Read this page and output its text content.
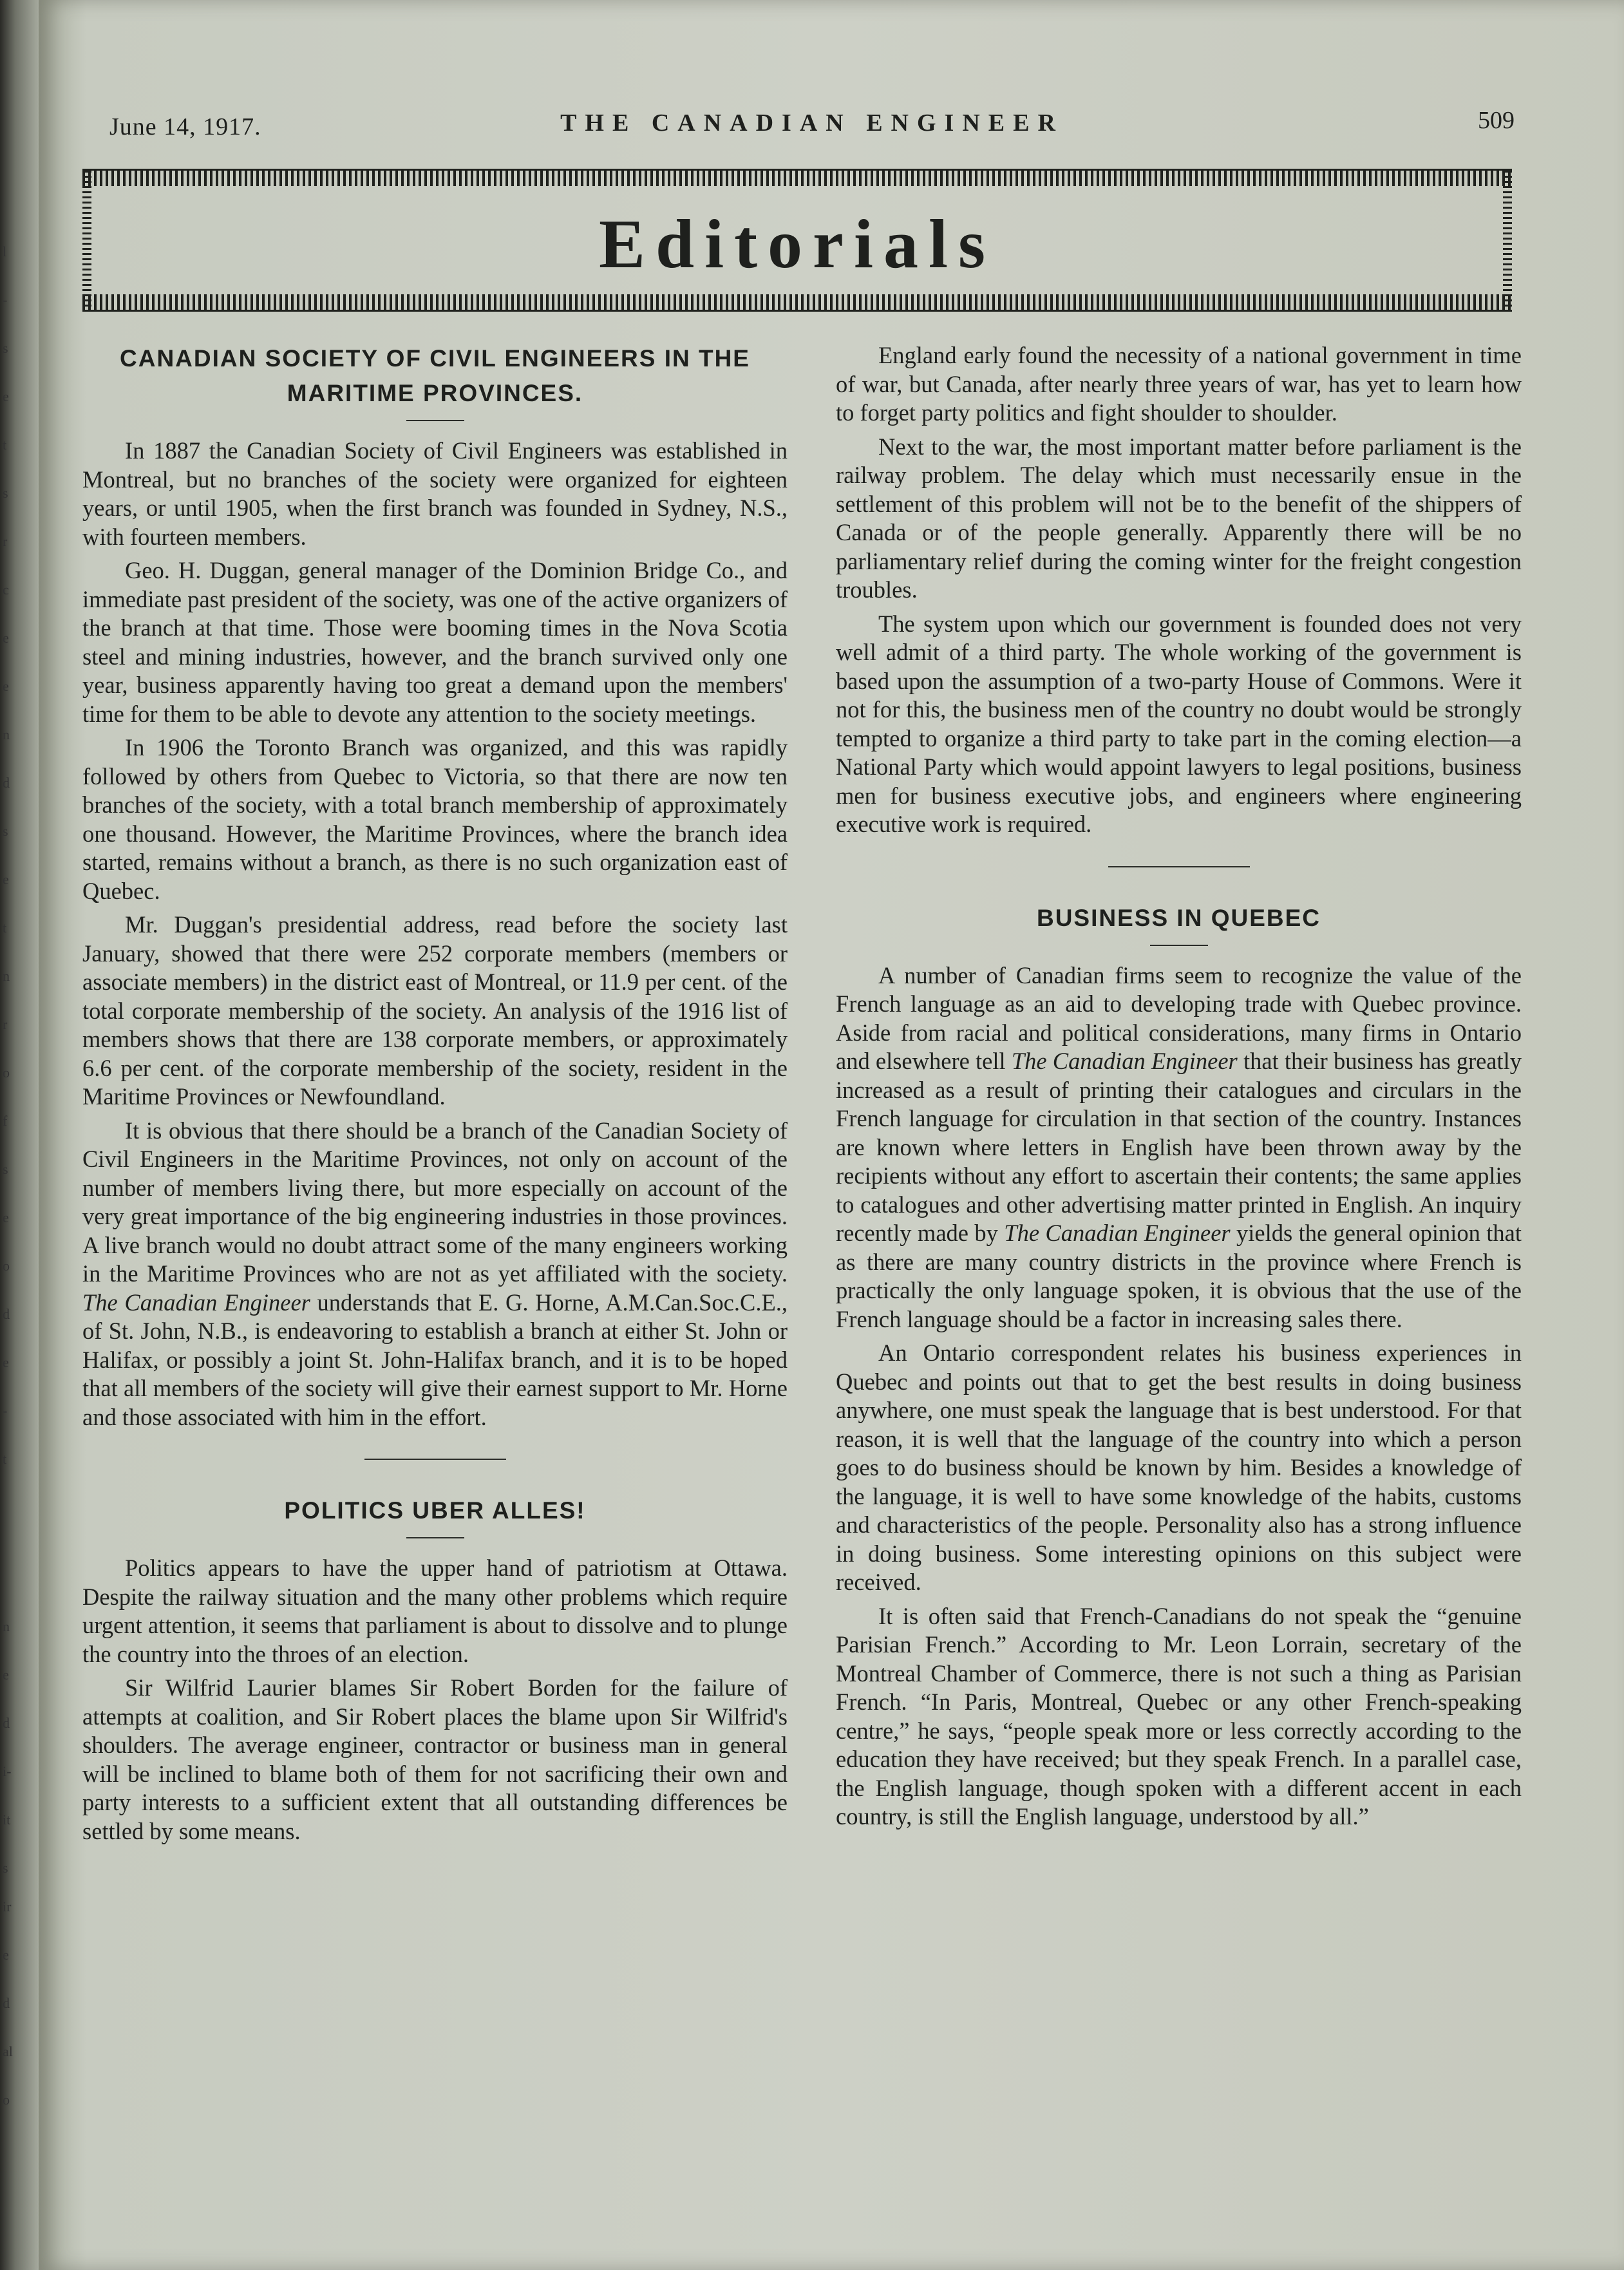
l
-
s
e
t
s
r
c
e
e
n
d
s
e
t
n
r
o
f
s
e
o
d
e
-
t
n
e
d
i-
it
s
ir
e
d
al
o
June 14, 1917.	THE CANADIAN ENGINEER	509
Editorials
CANADIAN SOCIETY OF CIVIL ENGINEERS IN THE MARITIME PROVINCES.

In 1887 the Canadian Society of Civil Engineers was established in Montreal, but no branches of the society were organized for eighteen years, or until 1905, when the first branch was founded in Sydney, N.S., with fourteen members.

Geo. H. Duggan, general manager of the Dominion Bridge Co., and immediate past president of the society, was one of the active organizers of the branch at that time. Those were booming times in the Nova Scotia steel and mining industries, however, and the branch survived only one year, business apparently having too great a demand upon the members' time for them to be able to devote any attention to the society meetings.

In 1906 the Toronto Branch was organized, and this was rapidly followed by others from Quebec to Victoria, so that there are now ten branches of the society, with a total branch membership of approximately one thousand. However, the Maritime Provinces, where the branch idea started, remains without a branch, as there is no such organization east of Quebec.

Mr. Duggan's presidential address, read before the society last January, showed that there were 252 corporate members (members or associate members) in the district east of Montreal, or 11.9 per cent. of the total corporate membership of the society. An analysis of the 1916 list of members shows that there are 138 corporate members, or approximately 6.6 per cent. of the corporate membership of the society, resident in the Maritime Provinces or Newfoundland.

It is obvious that there should be a branch of the Canadian Society of Civil Engineers in the Maritime Provinces, not only on account of the number of members living there, but more especially on account of the very great importance of the big engineering industries in those provinces. A live branch would no doubt attract some of the many engineers working in the Maritime Provinces who are not as yet affiliated with the society. The Canadian Engineer understands that E. G. Horne, A.M.Can.Soc.C.E., of St. John, N.B., is endeavoring to establish a branch at either St. John or Halifax, or possibly a joint St. John-Halifax branch, and it is to be hoped that all members of the society will give their earnest support to Mr. Horne and those associated with him in the effort.

POLITICS UBER ALLES!

Politics appears to have the upper hand of patriotism at Ottawa. Despite the railway situation and the many other problems which require urgent attention, it seems that parliament is about to dissolve and to plunge the country into the throes of an election.

Sir Wilfrid Laurier blames Sir Robert Borden for the failure of attempts at coalition, and Sir Robert places the blame upon Sir Wilfrid's shoulders. The average engineer, contractor or business man in general will be inclined to blame both of them for not sacrificing their own and party interests to a sufficient extent that all outstanding differences be settled by some means.

England early found the necessity of a national government in time of war, but Canada, after nearly three years of war, has yet to learn how to forget party politics and fight shoulder to shoulder.

Next to the war, the most important matter before parliament is the railway problem. The delay which must necessarily ensue in the settlement of this problem will not be to the benefit of the shippers of Canada or of the people generally. Apparently there will be no parliamentary relief during the coming winter for the freight congestion troubles.

The system upon which our government is founded does not very well admit of a third party. The whole working of the government is based upon the assumption of a two-party House of Commons. Were it not for this, the business men of the country no doubt would be strongly tempted to organize a third party to take part in the coming election—a National Party which would appoint lawyers to legal positions, business men for business executive jobs, and engineers where engineering executive work is required.

BUSINESS IN QUEBEC

A number of Canadian firms seem to recognize the value of the French language as an aid to developing trade with Quebec province. Aside from racial and political considerations, many firms in Ontario and elsewhere tell The Canadian Engineer that their business has greatly increased as a result of printing their catalogues and circulars in the French language for circulation in that section of the country. Instances are known where letters in English have been thrown away by the recipients without any effort to ascertain their contents; the same applies to catalogues and other advertising matter printed in English. An inquiry recently made by The Canadian Engineer yields the general opinion that as there are many country districts in the province where French is practically the only language spoken, it is obvious that the use of the French language should be a factor in increasing sales there.

An Ontario correspondent relates his business experiences in Quebec and points out that to get the best results in doing business anywhere, one must speak the language that is best understood. For that reason, it is well that the language of the country into which a person goes to do business should be known by him. Besides a knowledge of the language, it is well to have some knowledge of the habits, customs and characteristics of the people. Personality also has a strong influence in doing business. Some interesting opinions on this subject were received.

It is often said that French-Canadians do not speak the “genuine Parisian French.” According to Mr. Leon Lorrain, secretary of the Montreal Chamber of Commerce, there is not such a thing as Parisian French. “In Paris, Montreal, Quebec or any other French-speaking centre,” he says, “people speak more or less correctly according to the education they have received; but they speak French. In a parallel case, the English language, though spoken with a different accent in each country, is still the English language, understood by all.”
